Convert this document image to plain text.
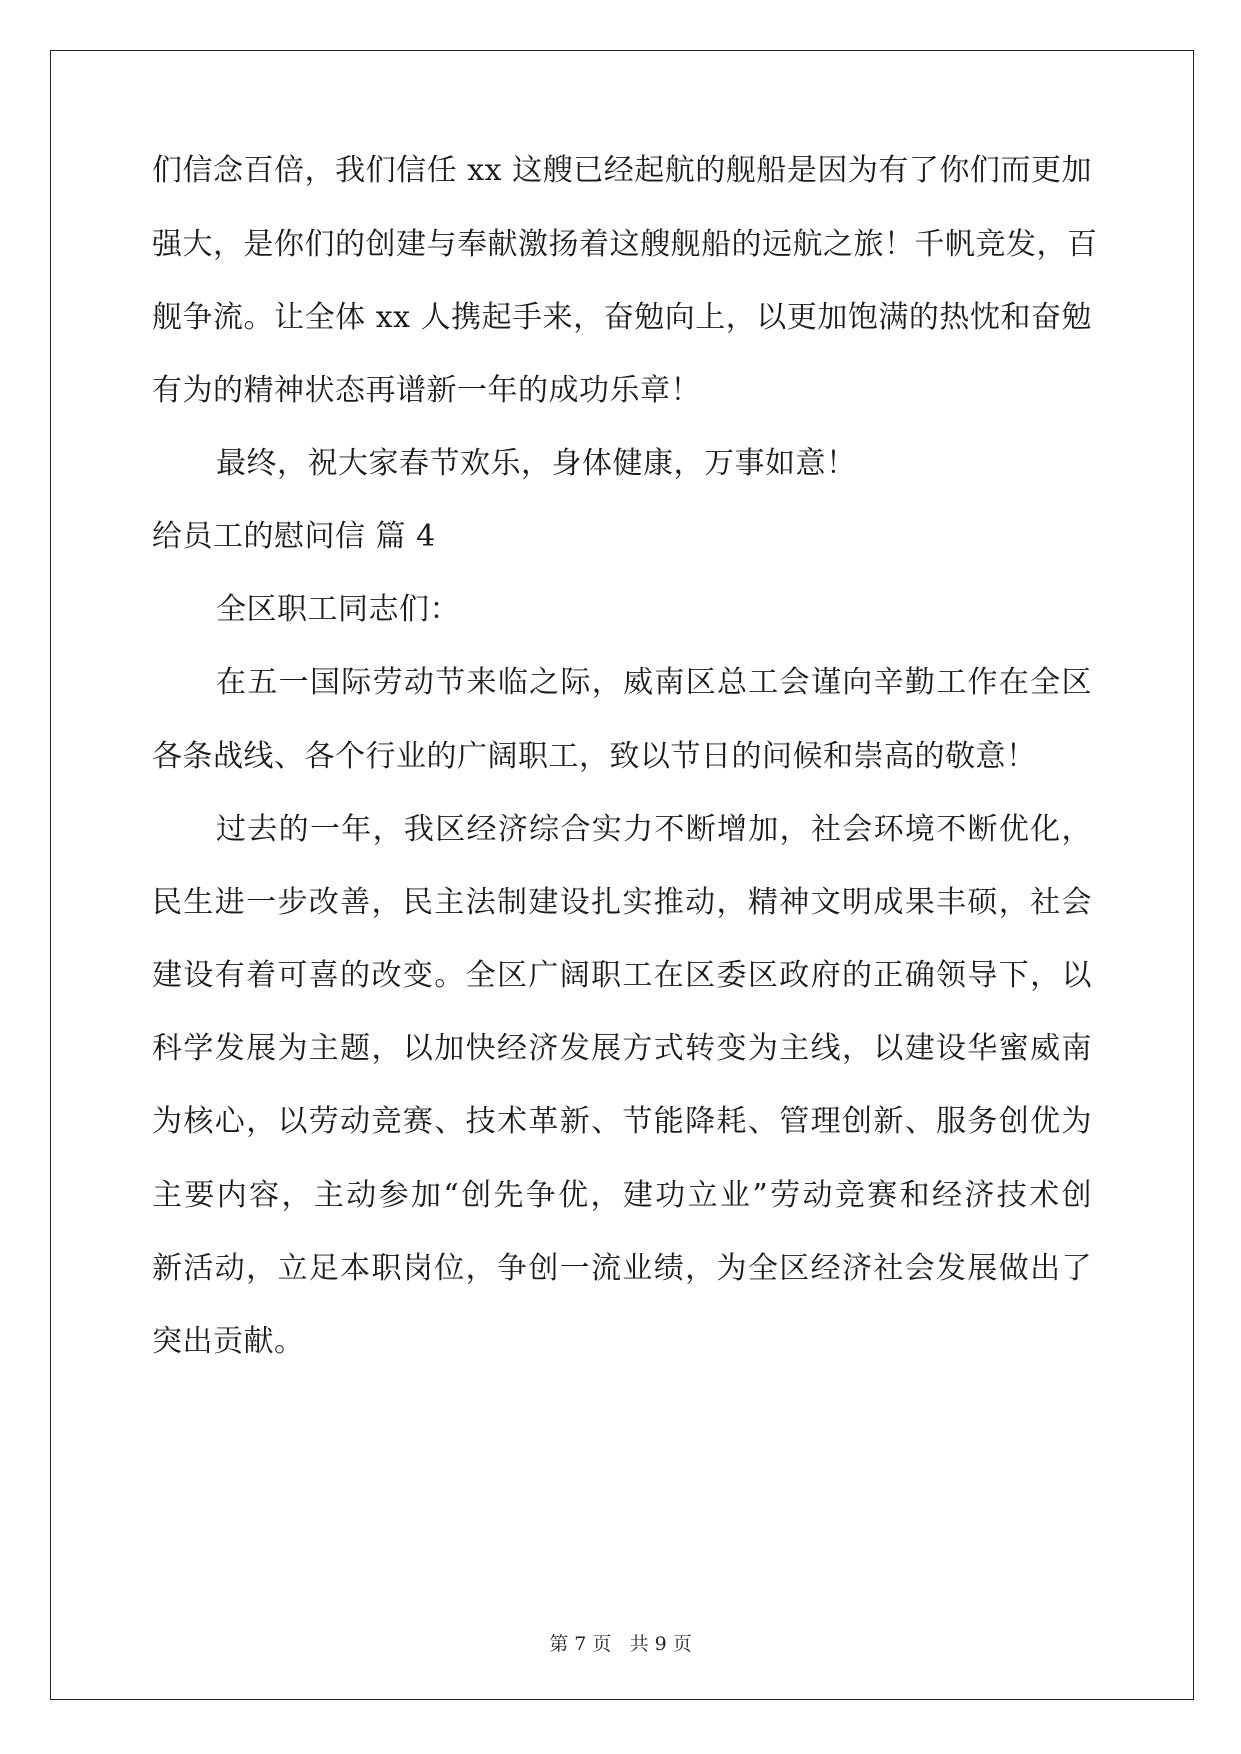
们信念百倍，我们信任 xx 这艘已经起航的舰船是因为有了你们而更加
强大，是你们的创建与奉献激扬着这艘舰船的远航之旅！千帆竞发，百
舰争流。让全体 xx 人携起手来，奋勉向上，以更加饱满的热忱和奋勉
有为的精神状态再谱新一年的成功乐章！
最终，祝大家春节欢乐，身体健康，万事如意！
给员工的慰问信 篇 4
全区职工同志们：
在五一国际劳动节来临之际，威南区总工会谨向辛勤工作在全区
各条战线、各个行业的广阔职工，致以节日的问候和崇高的敬意！
过去的一年，我区经济综合实力不断增加，社会环境不断优化，
民生进一步改善，民主法制建设扎实推动，精神文明成果丰硕，社会
建设有着可喜的改变。全区广阔职工在区委区政府的正确领导下，以
科学发展为主题，以加快经济发展方式转变为主线，以建设华蜜威南
为核心，以劳动竞赛、技术革新、节能降耗、管理创新、服务创优为
主要内容，主动参加“创先争优，建功立业”劳动竞赛和经济技术创
新活动，立足本职岗位，争创一流业绩，为全区经济社会发展做出了
突出贡献。
第 7 页 共 9 页
